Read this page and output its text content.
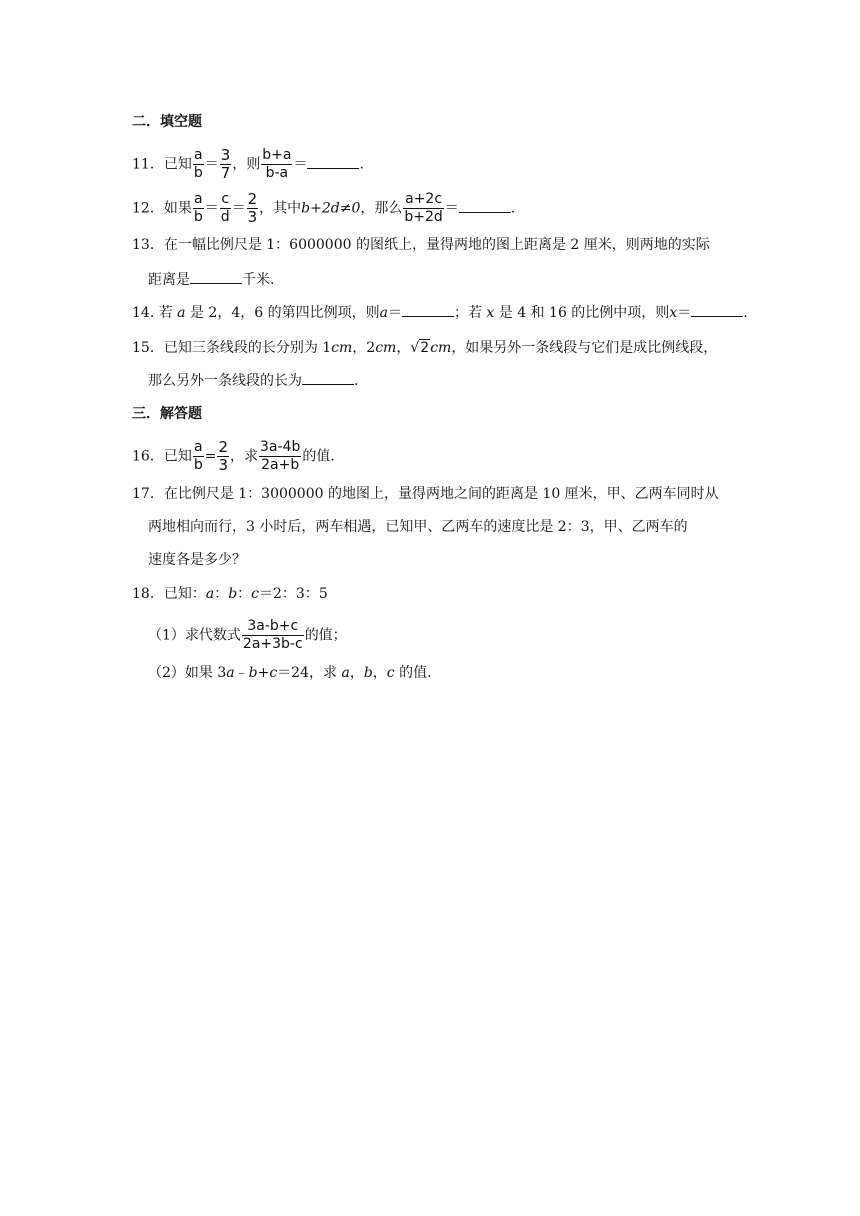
二．填空题
11．已知 $\frac{a}{b} = \frac{3}{7}$ ，则 $\frac{b+a}{b-a}$ ＝	.
12．如果 $\frac{a}{b} = \frac{c}{d} = \frac{2}{3}$ ，其中b+2d≠0，那么 $\frac{a+2c}{b+2d}$ ＝	.
13．在一幅比例尺是 1：6000000 的图纸上，量得两地的图上距离是 2 厘米，则两地的实际
距离是	千米.
14. 若 a 是 2，4，6 的第四比例项，则a＝	；若 x 是 4 和 16 的比例中项，则x＝	.
15．已知三条线段的长分别为 1cm，2cm，√2cm，如果另外一条线段与它们是成比例线段，
那么另外一条线段的长为	.
三．解答题
16．已知 $\frac{a}{b} = \frac{2}{3}$ ，求 $\frac{3a-4b}{2a+b}$ 的值.
17．在比例尺是 1：3000000 的地图上，量得两地之间的距离是 10 厘米，甲、乙两车同时从
两地相向而行，3 小时后，两车相遇，已知甲、乙两车的速度比是 2：3，甲、乙两车的
速度各是多少？
18．已知：a：b：c＝2：3：5
（1）求代数式 $\frac{3a-b+c}{2a+3b-c}$ 的值；
（2）如果 3a﹣b+c＝24，求 a，b，c 的值.
